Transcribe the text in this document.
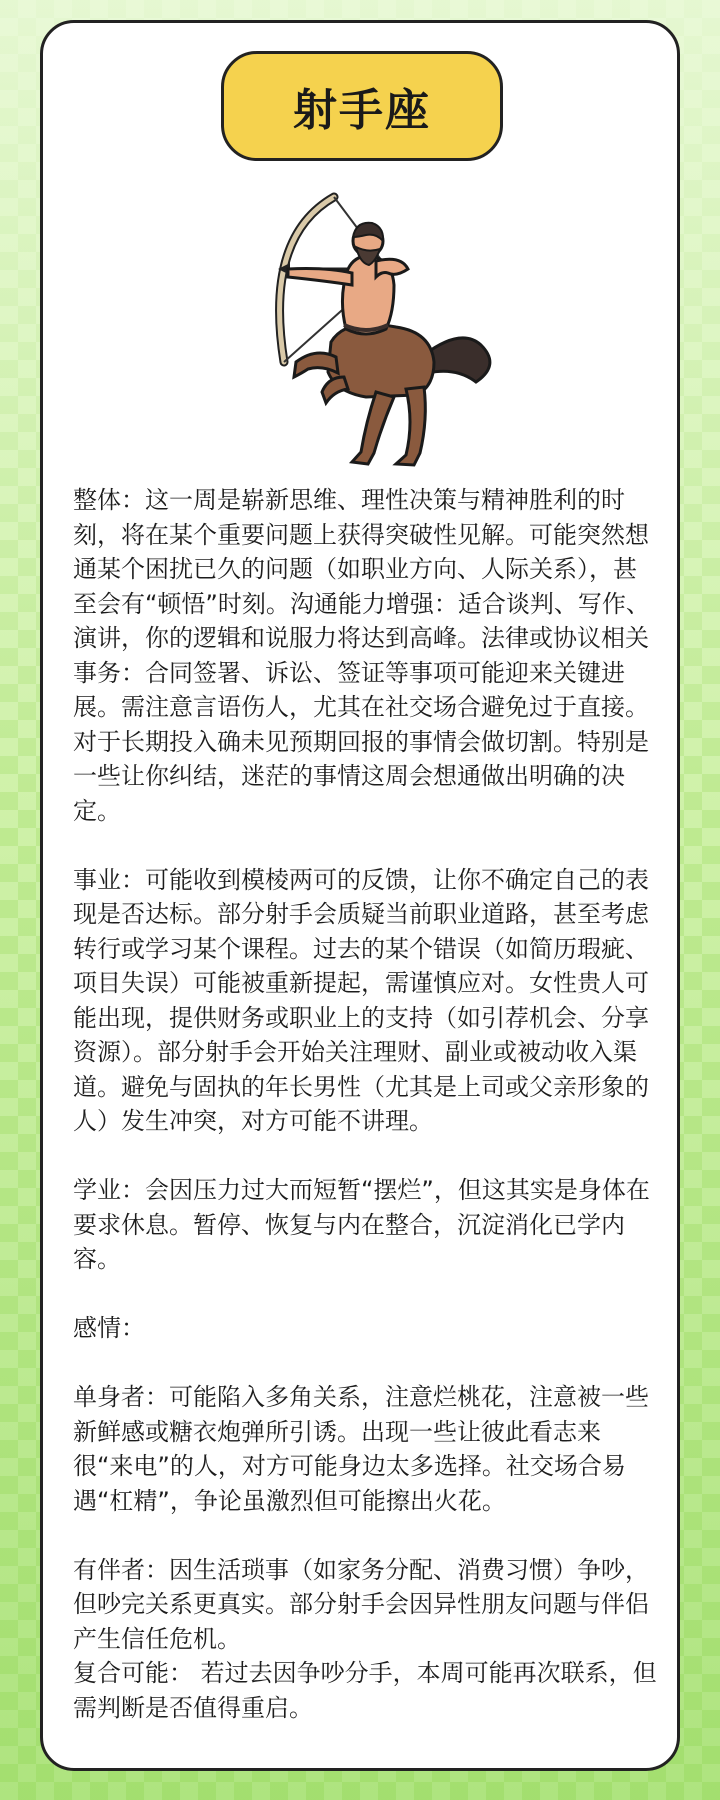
射手座

整体：这一周是崭新思维、理性决策与精神胜利的时刻，将在某个重要问题上获得突破性见解。可能突然想通某个困扰已久的问题（如职业方向、人际关系），甚至会有“顿悟”时刻。沟通能力增强：适合谈判、写作、演讲，你的逻辑和说服力将达到高峰。法律或协议相关事务：合同签署、诉讼、签证等事项可能迎来关键进展。需注意言语伤人，尤其在社交场合避免过于直接。对于长期投入确未见预期回报的事情会做切割。特别是一些让你纠结，迷茫的事情这周会想通做出明确的决定。

事业：可能收到模棱两可的反馈，让你不确定自己的表现是否达标。部分射手会质疑当前职业道路，甚至考虑转行或学习某个课程。过去的某个错误（如简历瑕疵、项目失误）可能被重新提起，需谨慎应对。女性贵人可能出现，提供财务或职业上的支持（如引荐机会、分享资源）。部分射手会开始关注理财、副业或被动收入渠道。避免与固执的年长男性（尤其是上司或父亲形象的人）发生冲突，对方可能不讲理。

学业：会因压力过大而短暂“摆烂”，但这其实是身体在要求休息。暂停、恢复与内在整合，沉淀消化已学内容。

感情：

单身者：可能陷入多角关系，注意烂桃花，注意被一些新鲜感或糖衣炮弹所引诱。出现一些让彼此看志来很“来电”的人，对方可能身边太多选择。社交场合易遇“杠精”，争论虽激烈但可能擦出火花。

有伴者：因生活琐事（如家务分配、消费习惯）争吵，但吵完关系更真实。部分射手会因异性朋友问题与伴侣产生信任危机。

复合可能： 若过去因争吵分手，本周可能再次联系，但需判断是否值得重启。
